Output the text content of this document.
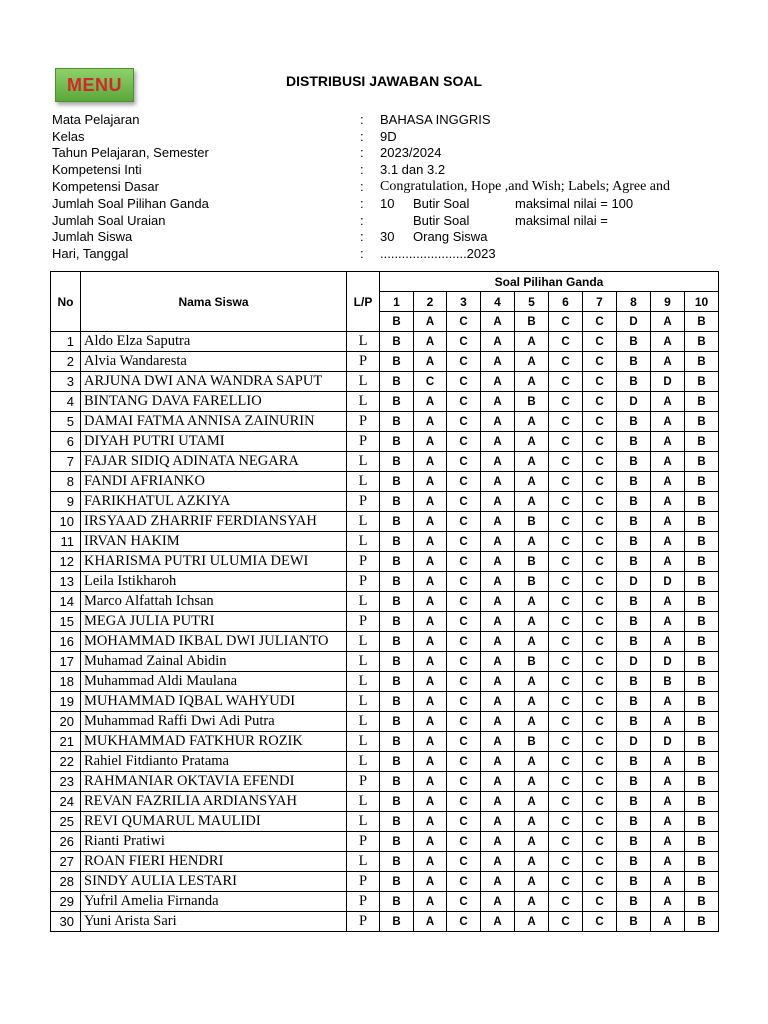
MENU	DISTRIBUSI JAWABAN SOAL
Mata Pelajaran	:	BAHASA INGGRIS
Kelas	:	9D
Tahun Pelajaran, Semester	:	2023/2024
Kompetensi Inti	:	3.1 dan 3.2
Kompetensi Dasar	:	Congratulation, Hope ,and Wish; Labels; Agree and
Jumlah Soal Pilihan Ganda	:	10	Butir Soal	maksimal nilai = 100
Jumlah Soal Uraian	:	Butir Soal	maksimal nilai =
Jumlah Siswa	:	30	Orang Siswa
Hari, Tanggal	:	........................2023
No	Nama Siswa	L/P	Soal Pilihan Ganda									
			1	2	3	4	5	6	7	8	9	10
			B	A	C	A	B	C	C	D	A	B
1	Aldo Elza Saputra	L	B	A	C	A	A	C	C	B	A	B
2	Alvia Wandaresta	P	B	A	C	A	A	C	C	B	A	B
3	ARJUNA DWI ANA WANDRA SAPUT	L	B	C	C	A	A	C	C	B	D	B
4	BINTANG DAVA FARELLIO	L	B	A	C	A	B	C	C	D	A	B
5	DAMAI FATMA ANNISA ZAINURIN	P	B	A	C	A	A	C	C	B	A	B
6	DIYAH PUTRI UTAMI	P	B	A	C	A	A	C	C	B	A	B
7	FAJAR SIDIQ ADINATA NEGARA	L	B	A	C	A	A	C	C	B	A	B
8	FANDI AFRIANKO	L	B	A	C	A	A	C	C	B	A	B
9	FARIKHATUL AZKIYA	P	B	A	C	A	A	C	C	B	A	B
10	IRSYAAD ZHARRIF FERDIANSYAH	L	B	A	C	A	B	C	C	B	A	B
11	IRVAN HAKIM	L	B	A	C	A	A	C	C	B	A	B
12	KHARISMA PUTRI ULUMIA DEWI	P	B	A	C	A	B	C	C	B	A	B
13	Leila Istikharoh	P	B	A	C	A	B	C	C	D	D	B
14	Marco Alfattah Ichsan	L	B	A	C	A	A	C	C	B	A	B
15	MEGA JULIA PUTRI	P	B	A	C	A	A	C	C	B	A	B
16	MOHAMMAD IKBAL DWI JULIANTO	L	B	A	C	A	A	C	C	B	A	B
17	Muhamad Zainal Abidin	L	B	A	C	A	B	C	C	D	D	B
18	Muhammad Aldi Maulana	L	B	A	C	A	A	C	C	B	B	B
19	MUHAMMAD IQBAL WAHYUDI	L	B	A	C	A	A	C	C	B	A	B
20	Muhammad Raffi Dwi Adi Putra	L	B	A	C	A	A	C	C	B	A	B
21	MUKHAMMAD FATKHUR ROZIK	L	B	A	C	A	B	C	C	D	D	B
22	Rahiel Fitdianto Pratama	L	B	A	C	A	A	C	C	B	A	B
23	RAHMANIAR OKTAVIA EFENDI	P	B	A	C	A	A	C	C	B	A	B
24	REVAN FAZRILIA ARDIANSYAH	L	B	A	C	A	A	C	C	B	A	B
25	REVI QUMARUL MAULIDI	L	B	A	C	A	A	C	C	B	A	B
26	Rianti Pratiwi	P	B	A	C	A	A	C	C	B	A	B
27	ROAN FIERI HENDRI	L	B	A	C	A	A	C	C	B	A	B
28	SINDY AULIA LESTARI	P	B	A	C	A	A	C	C	B	A	B
29	Yufril Amelia Firnanda	P	B	A	C	A	A	C	C	B	A	B
30	Yuni Arista Sari	P	B	A	C	A	A	C	C	B	A	B
